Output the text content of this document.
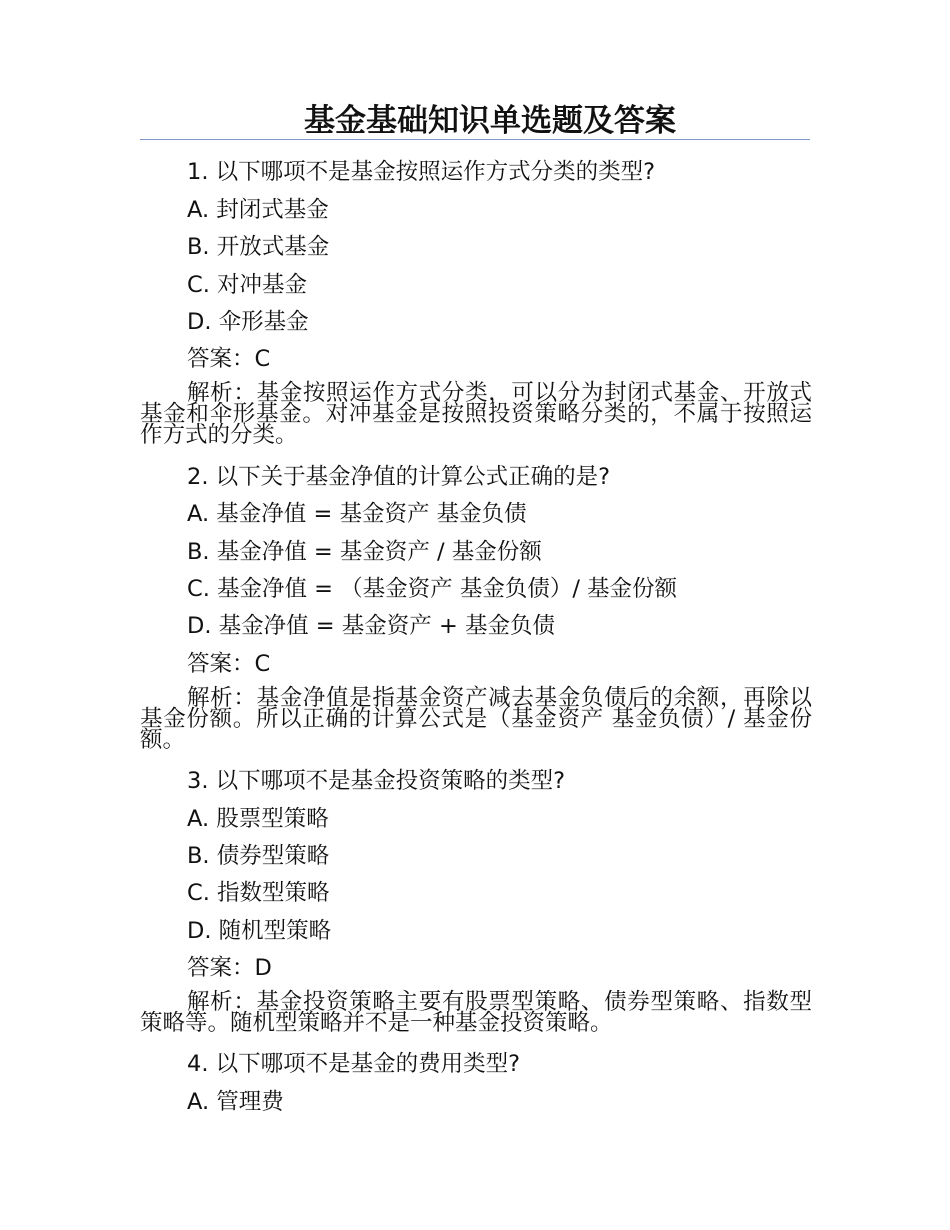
基金基础知识单选题及答案
1. 以下哪项不是基金按照运作方式分类的类型?
A. 封闭式基金
B. 开放式基金
C. 对冲基金
D. 伞形基金
答案：C

解析：基金按照运作方式分类，可以分为封闭式基金、开放式基金和伞形基金。对冲基金是按照投资策略分类的，不属于按照运作方式的分类。

2. 以下关于基金净值的计算公式正确的是?
A. 基金净值 = 基金资产 基金负债
B. 基金净值 = 基金资产 / 基金份额
C. 基金净值 = （基金资产 基金负债）/ 基金份额
D. 基金净值 = 基金资产 + 基金负债
答案：C

解析：基金净值是指基金资产减去基金负债后的余额，再除以基金份额。所以正确的计算公式是（基金资产 基金负债）/ 基金份额。

3. 以下哪项不是基金投资策略的类型?
A. 股票型策略
B. 债券型策略
C. 指数型策略
D. 随机型策略
答案：D

解析：基金投资策略主要有股票型策略、债券型策略、指数型策略等。随机型策略并不是一种基金投资策略。

4. 以下哪项不是基金的费用类型?
A. 管理费
